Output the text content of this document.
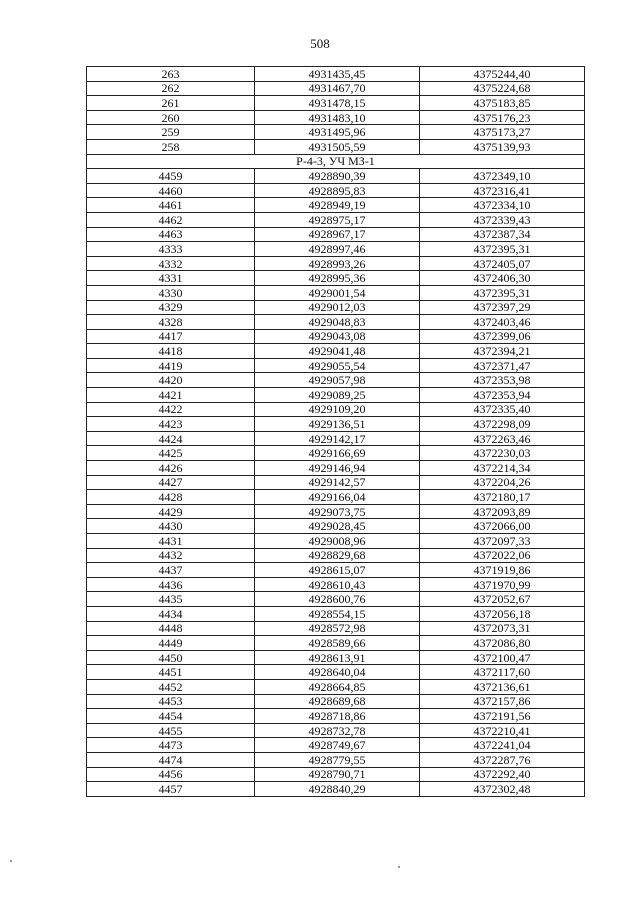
508
263	4931435,45	4375244,40
262	4931467,70	4375224,68
261	4931478,15	4375183,85
260	4931483,10	4375176,23
259	4931495,96	4375173,27
258	4931505,59	4375139,93
Р-4-3, УЧ МЗ-1		
4459	4928890,39	4372349,10
4460	4928895,83	4372316,41
4461	4928949,19	4372334,10
4462	4928975,17	4372339,43
4463	4928967,17	4372387,34
4333	4928997,46	4372395,31
4332	4928993,26	4372405,07
4331	4928995,36	4372406,30
4330	4929001,54	4372395,31
4329	4929012,03	4372397,29
4328	4929048,83	4372403,46
4417	4929043,08	4372399,06
4418	4929041,48	4372394,21
4419	4929055,54	4372371,47
4420	4929057,98	4372353,98
4421	4929089,25	4372353,94
4422	4929109,20	4372335,40
4423	4929136,51	4372298,09
4424	4929142,17	4372263,46
4425	4929166,69	4372230,03
4426	4929146,94	4372214,34
4427	4929142,57	4372204,26
4428	4929166,04	4372180,17
4429	4929073,75	4372093,89
4430	4929028,45	4372066,00
4431	4929008,96	4372097,33
4432	4928829,68	4372022,06
4437	4928615,07	4371919,86
4436	4928610,43	4371970,99
4435	4928600,76	4372052,67
4434	4928554,15	4372056,18
4448	4928572,98	4372073,31
4449	4928589,66	4372086,80
4450	4928613,91	4372100,47
4451	4928640,04	4372117,60
4452	4928664,85	4372136,61
4453	4928689,68	4372157,86
4454	4928718,86	4372191,56
4455	4928732,78	4372210,41
4473	4928749,67	4372241,04
4474	4928779,55	4372287,76
4456	4928790,71	4372292,40
4457	4928840,29	4372302,48
